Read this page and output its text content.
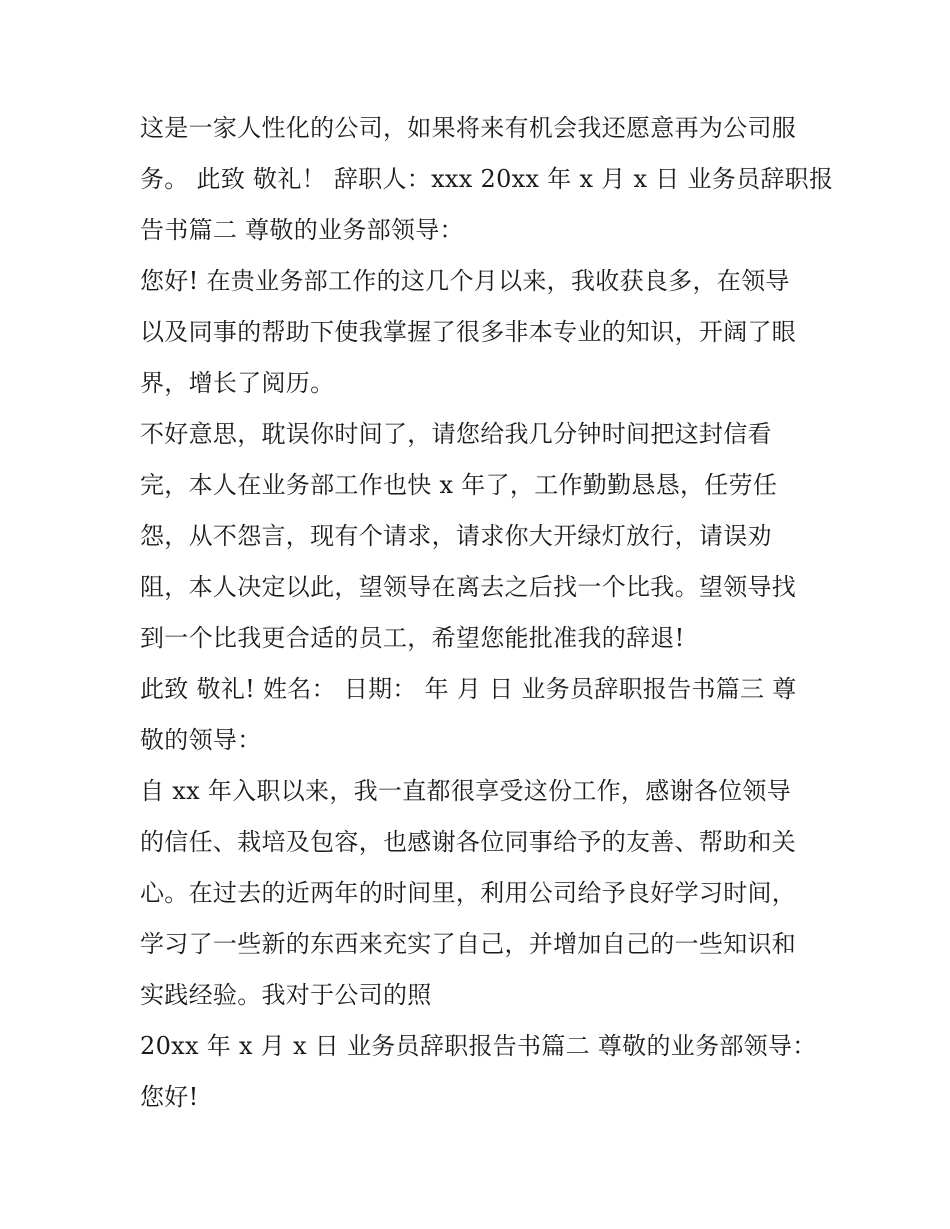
这是一家人性化的公司，如果将来有机会我还愿意再为公司服
务。 此致 敬礼！ 辞职人：xxx 20xx 年 x 月 x 日 业务员辞职报
告书篇二 尊敬的业务部领导：
您好! 在贵业务部工作的这几个月以来，我收获良多，在领导
以及同事的帮助下使我掌握了很多非本专业的知识，开阔了眼
界，增长了阅历。
不好意思，耽误你时间了，请您给我几分钟时间把这封信看
完，本人在业务部工作也快 x 年了，工作勤勤恳恳，任劳任
怨，从不怨言，现有个请求，请求你大开绿灯放行，请误劝
阻，本人决定以此，望领导在离去之后找一个比我。望领导找
到一个比我更合适的员工，希望您能批准我的辞退!
此致 敬礼! 姓名： 日期： 年 月 日 业务员辞职报告书篇三 尊
敬的领导：
自 xx 年入职以来，我一直都很享受这份工作，感谢各位领导
的信任、栽培及包容，也感谢各位同事给予的友善、帮助和关
心。在过去的近两年的时间里，利用公司给予良好学习时间，
学习了一些新的东西来充实了自己，并增加自己的一些知识和
实践经验。我对于公司的照
20xx 年 x 月 x 日 业务员辞职报告书篇二 尊敬的业务部领导：
您好!
